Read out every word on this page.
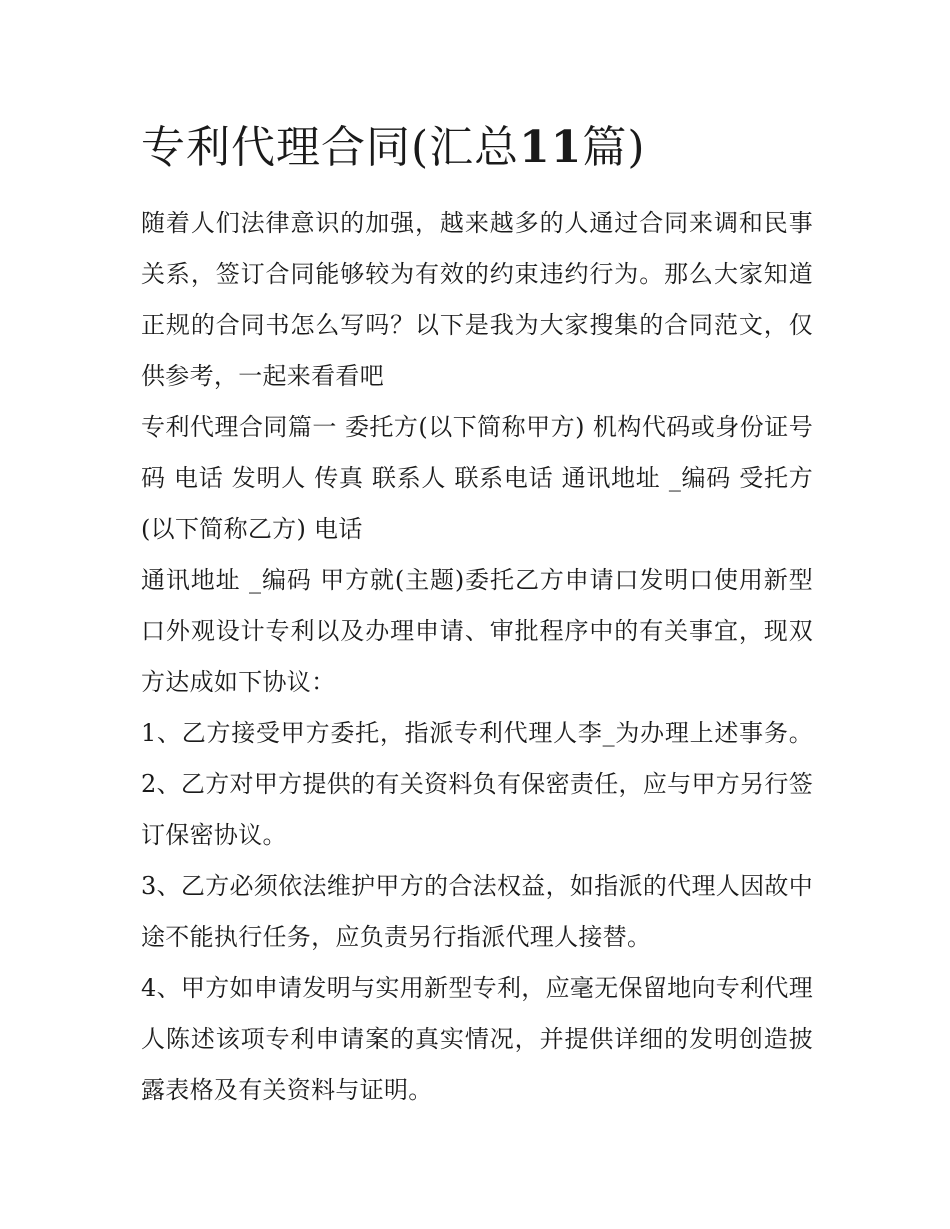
专利代理合同(汇总11篇)

随着人们法律意识的加强，越来越多的人通过合同来调和民事关系，签订合同能够较为有效的约束违约行为。那么大家知道正规的合同书怎么写吗？以下是我为大家搜集的合同范文，仅供参考，一起来看看吧

专利代理合同篇一 委托方(以下简称甲方) 机构代码或身份证号码 电话 发明人 传真 联系人 联系电话 通讯地址 _编码 受托方(以下简称乙方) 电话

通讯地址 _编码 甲方就(主题)委托乙方申请口发明口使用新型口外观设计专利以及办理申请、审批程序中的有关事宜，现双方达成如下协议：

1、乙方接受甲方委托，指派专利代理人李_为办理上述事务。 2、乙方对甲方提供的有关资料负有保密责任，应与甲方另行签订保密协议。

3、乙方必须依法维护甲方的合法权益，如指派的代理人因故中途不能执行任务，应负责另行指派代理人接替。

4、甲方如申请发明与实用新型专利，应毫无保留地向专利代理人陈述该项专利申请案的真实情况，并提供详细的发明创造披露表格及有关资料与证明。
